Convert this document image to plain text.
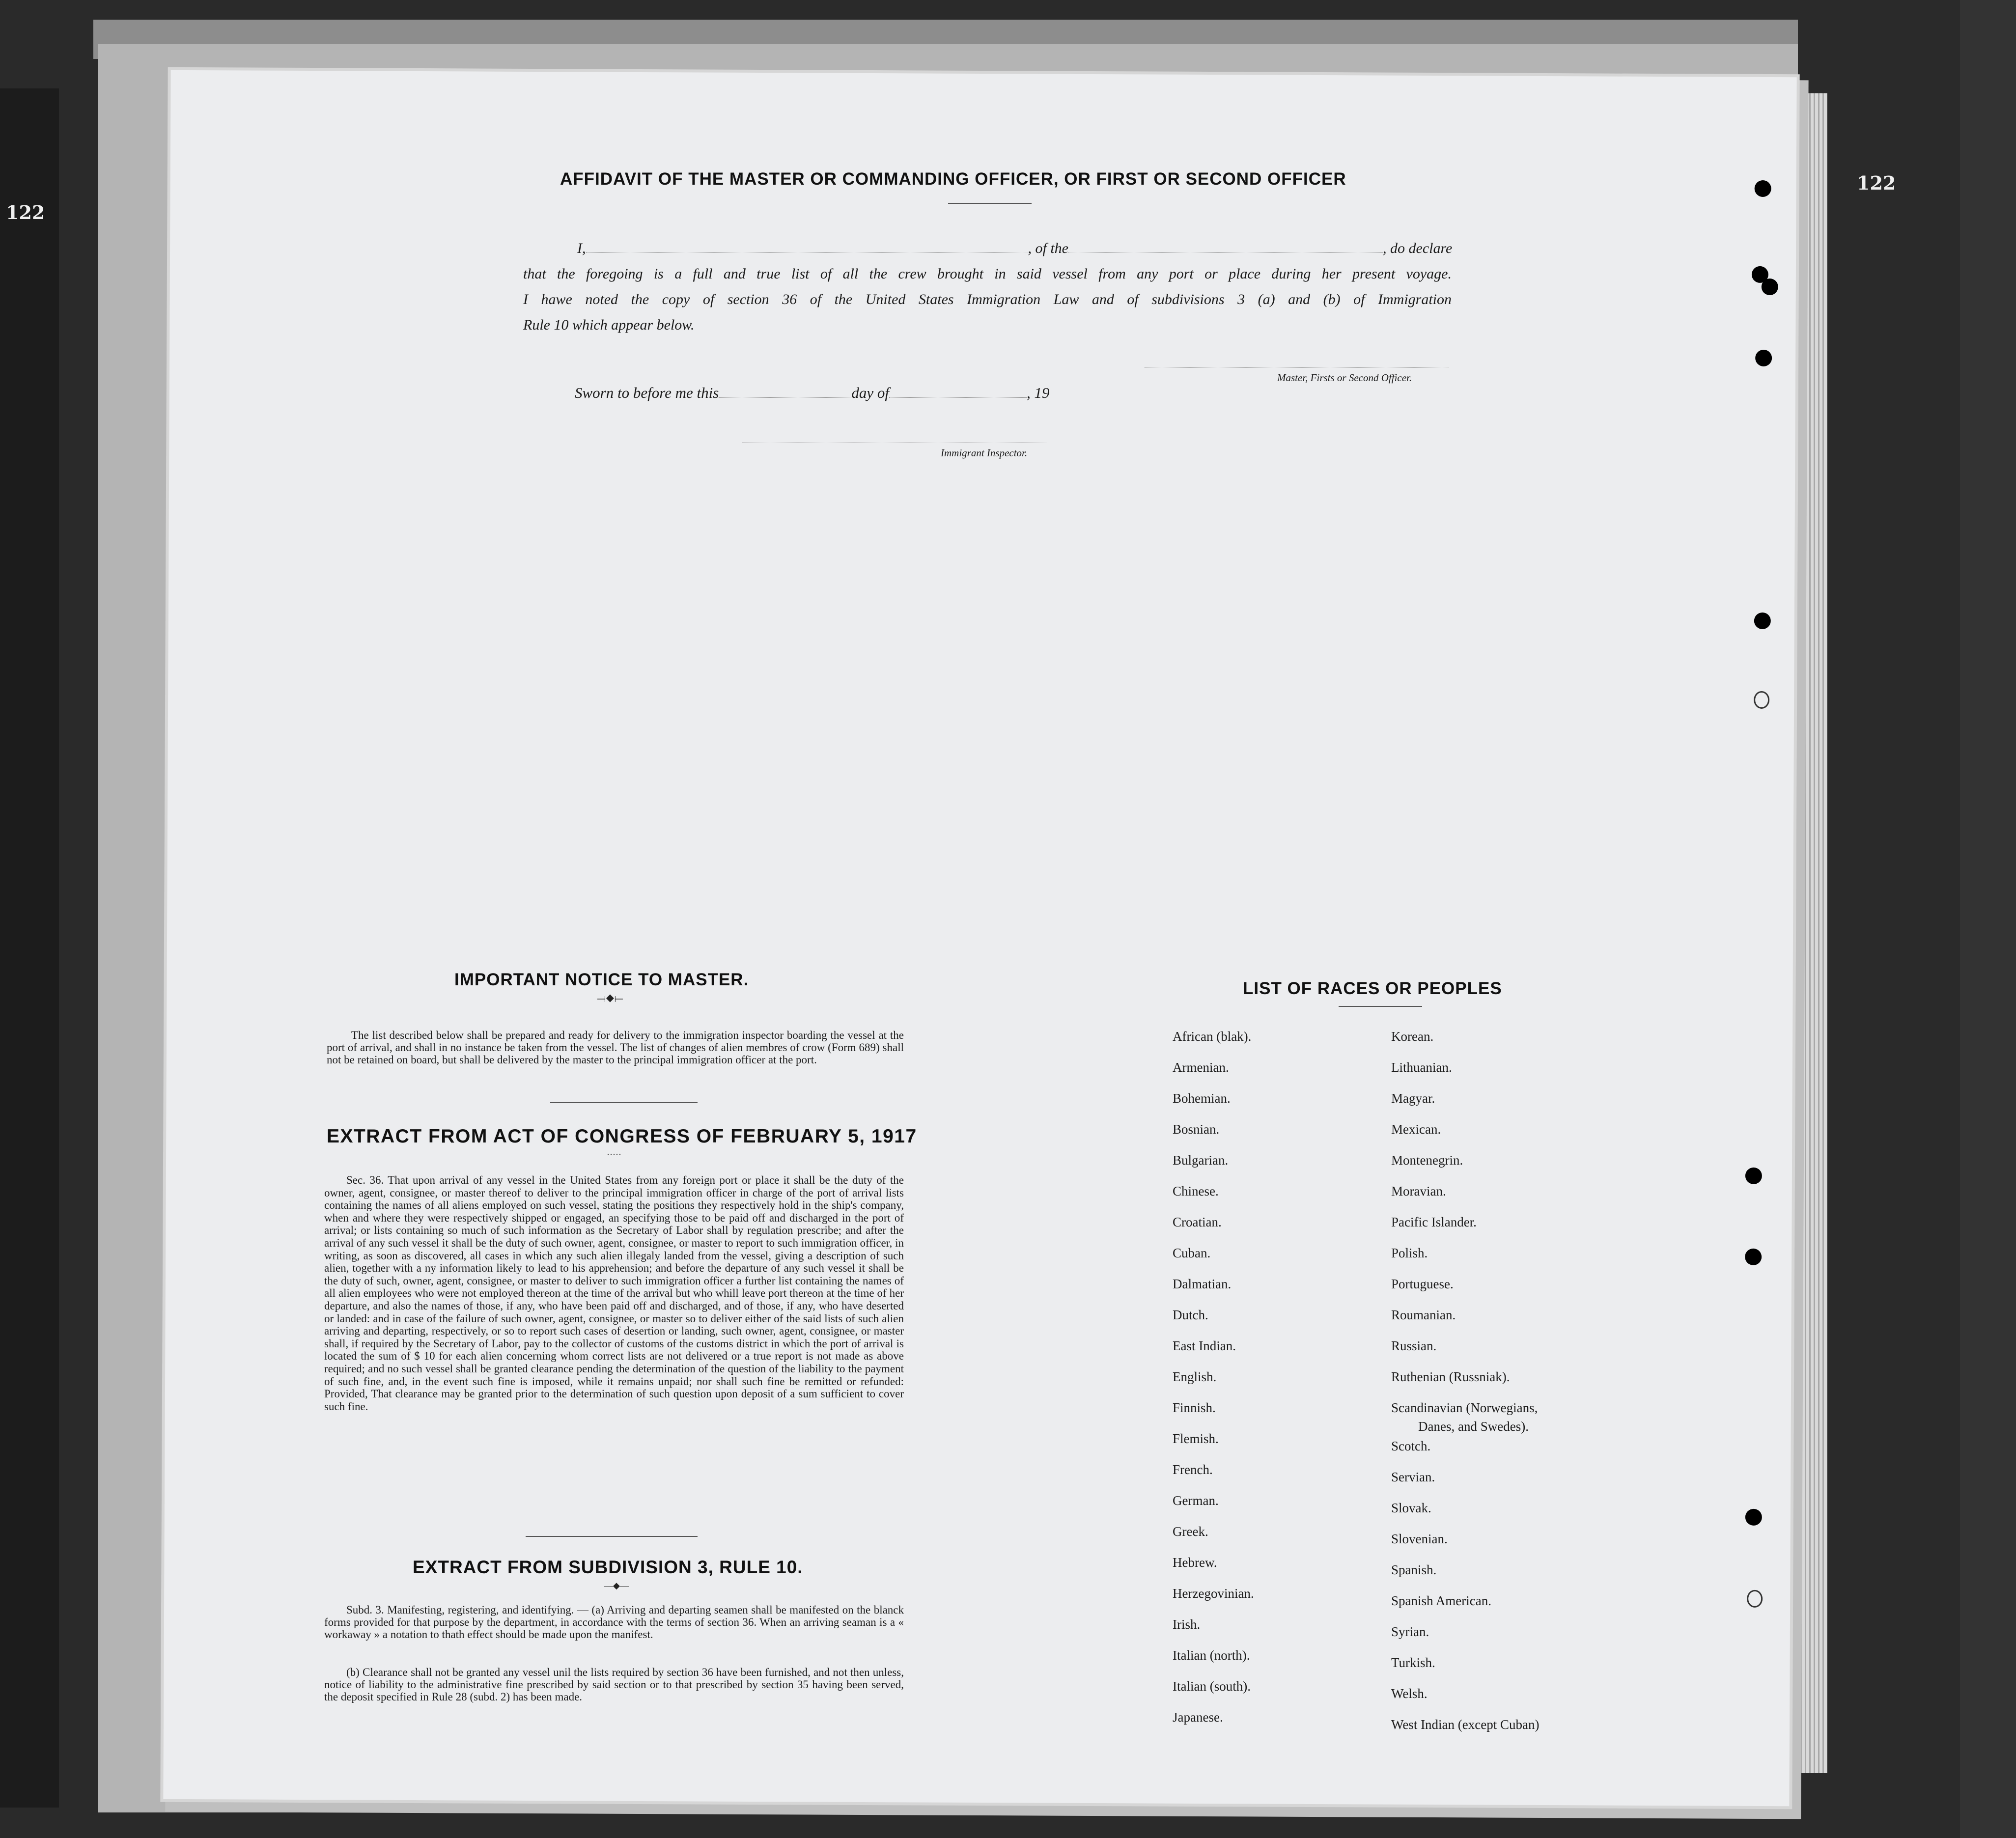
122
122
AFFIDAVIT OF THE MASTER OR COMMANDING OFFICER, OR FIRST OR SECOND OFFICER

I,	, of the	, do declare

that the foregoing is a full and true list of all the crew brought in said vessel from any port or place during her present voyage.

I hawe noted the copy of section 36 of the United States Immigration Law and of subdivisions 3 (a) and (b) of Immigration

Rule 10 which appear below.

Master, Firsts or Second Officer.
Sworn to before me this	day of	, 19
Immigrant Inspector.
IMPORTANT NOTICE TO MASTER.
⟞◆⟝
The list described below shall be prepared and ready for delivery to the immigration inspector boarding the vessel at the port of arrival, and shall in no instance be taken from the vessel. The list of changes of alien membres of crow (Form 689) shall not be retained on board, but shall be delivered by the master to the principal immigration officer at the port.
EXTRACT FROM ACT OF CONGRESS OF FEBRUARY 5, 1917
·····
Sec. 36. That upon arrival of any vessel in the United States from any foreign port or place it shall be the duty of the owner, agent, consignee, or master thereof to deliver to the principal immigration officer in charge of the port of arrival lists containing the names of all aliens employed on such vessel, stating the positions they respectively hold in the ship's company, when and where they were respectively shipped or engaged, an specifying those to be paid off and discharged in the port of arrival; or lists containing so much of such information as the Secretary of Labor shall by regulation prescribe; and after the arrival of any such vessel it shall be the duty of such owner, agent, consignee, or master to report to such immigration officer, in writing, as soon as discovered, all cases in which any such alien illegaly landed from the vessel, giving a description of such alien, together with a ny information likely to lead to his apprehension; and before the departure of any such vessel it shall be the duty of such, owner, agent, consignee, or master to deliver to such immigration officer a further list containing the names of all alien employees who were not employed thereon at the time of the arrival but who whill leave port thereon at the time of her departure, and also the names of those, if any, who have been paid off and discharged, and of those, if any, who have deserted or landed: and in case of the failure of such owner, agent, consignee, or master so to deliver either of the said lists of such alien arriving and departing, respectively, or so to report such cases of desertion or landing, such owner, agent, consignee, or master shall, if required by the Secretary of Labor, pay to the collector of customs of the customs district in which the port of arrival is located the sum of $ 10 for each alien concerning whom correct lists are not delivered or a true report is not made as above required; and no such vessel shall be granted clearance pending the determination of the question of the liability to the payment of such fine, and, in the event such fine is imposed, while it remains unpaid; nor shall such fine be remitted or refunded: Provided, That clearance may be granted prior to the determination of such question upon deposit of a sum sufficient to cover such fine.
EXTRACT FROM SUBDIVISION 3, RULE 10.
—◆—
Subd. 3. Manifesting, registering, and identifying. — (a) Arriving and departing seamen shall be manifested on the blanck forms provided for that purpose by the department, in accordance with the terms of section 36. When an arriving seaman is a « workaway » a notation to thath effect should be made upon the manifest.
(b) Clearance shall not be granted any vessel unil the lists required by section 36 have been furnished, and not then unless, notice of liability to the administrative fine prescribed by said section or to that prescribed by section 35 having been served, the deposit specified in Rule 28 (subd. 2) has been made.
LIST OF RACES OR PEOPLES
African (blak).
Armenian.
Bohemian.
Bosnian.
Bulgarian.
Chinese.
Croatian.
Cuban.
Dalmatian.
Dutch.
East Indian.
English.
Finnish.
Flemish.
French.
German.
Greek.
Hebrew.
Herzegovinian.
Irish.
Italian (north).
Italian (south).
Japanese.
Korean.
Lithuanian.
Magyar.
Mexican.
Montenegrin.
Moravian.
Pacific Islander.
Polish.
Portuguese.
Roumanian.
Russian.
Ruthenian (Russniak).
Scandinavian (Norwegians,
Danes, and Swedes).
Scotch.
Servian.
Slovak.
Slovenian.
Spanish.
Spanish American.
Syrian.
Turkish.
Welsh.
West Indian (except Cuban)
